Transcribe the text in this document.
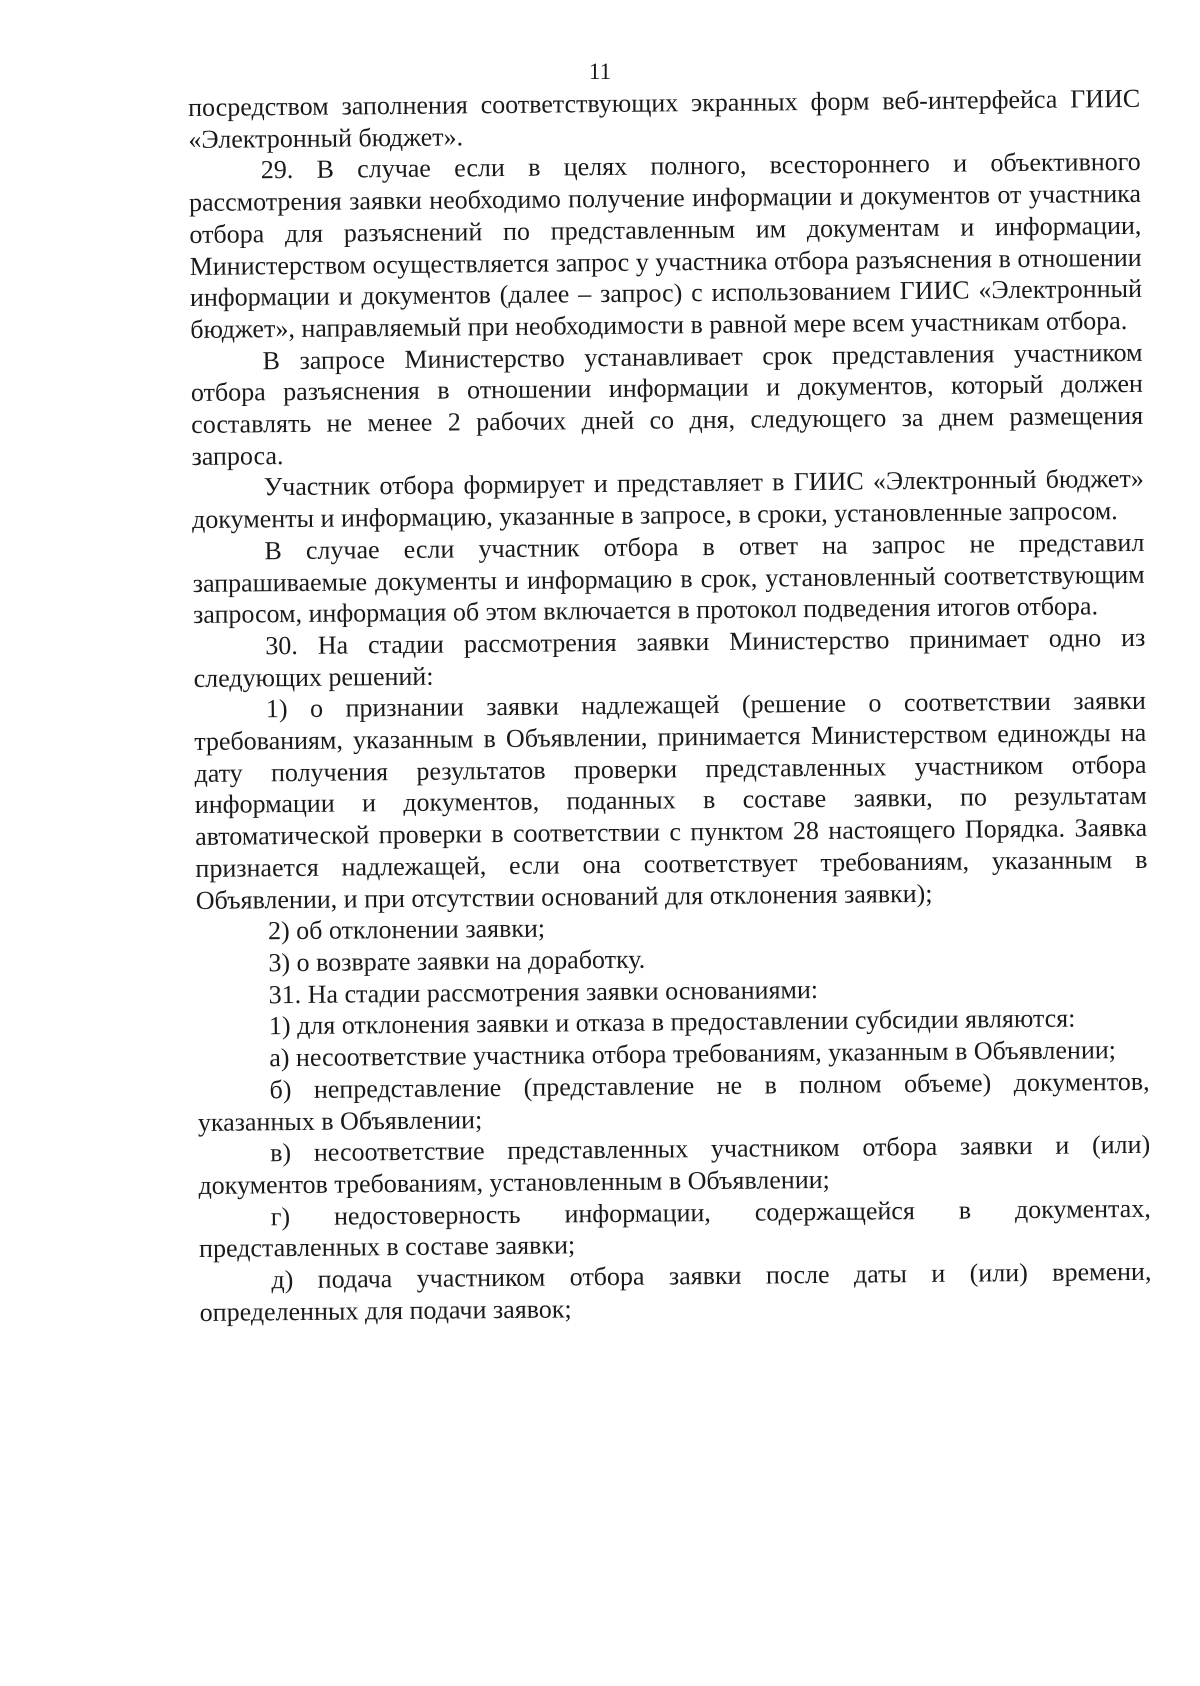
11

посредством заполнения соответствующих экранных форм веб-интерфейса ГИИС «Электронный бюджет».

29. В случае если в целях полного, всестороннего и объективного рассмотрения заявки необходимо получение информации и документов от участника отбора для разъяснений по представленным им документам и информации, Министерством осуществляется запрос у участника отбора разъяснения в отношении информации и документов (далее – запрос) с использованием ГИИС «Электронный бюджет», направляемый при необходимости в равной мере всем участникам отбора.

В запросе Министерство устанавливает срок представления участником отбора разъяснения в отношении информации и документов, который должен составлять не менее 2 рабочих дней со дня, следующего за днем размещения запроса.

Участник отбора формирует и представляет в ГИИС «Электронный бюджет» документы и информацию, указанные в запросе, в сроки, установленные запросом.

В случае если участник отбора в ответ на запрос не представил запрашиваемые документы и информацию в срок, установленный соответствующим запросом, информация об этом включается в протокол подведения итогов отбора.

30. На стадии рассмотрения заявки Министерство принимает одно из следующих решений:

1) о признании заявки надлежащей (решение о соответствии заявки требованиям, указанным в Объявлении, принимается Министерством единожды на дату получения результатов проверки представленных участником отбора информации и документов, поданных в составе заявки, по результатам автоматической проверки в соответствии с пунктом 28 настоящего Порядка. Заявка признается надлежащей, если она соответствует требованиям, указанным в Объявлении, и при отсутствии оснований для отклонения заявки);

2) об отклонении заявки;

3) о возврате заявки на доработку.

31. На стадии рассмотрения заявки основаниями:

1) для отклонения заявки и отказа в предоставлении субсидии являются:

а) несоответствие участника отбора требованиям, указанным в Объявлении;

б) непредставление (представление не в полном объеме) документов, указанных в Объявлении;

в) несоответствие представленных участником отбора заявки и (или) документов требованиям, установленным в Объявлении;

г) недостоверность информации, содержащейся в документах, представленных в составе заявки;

д) подача участником отбора заявки после даты и (или) времени, определенных для подачи заявок;
